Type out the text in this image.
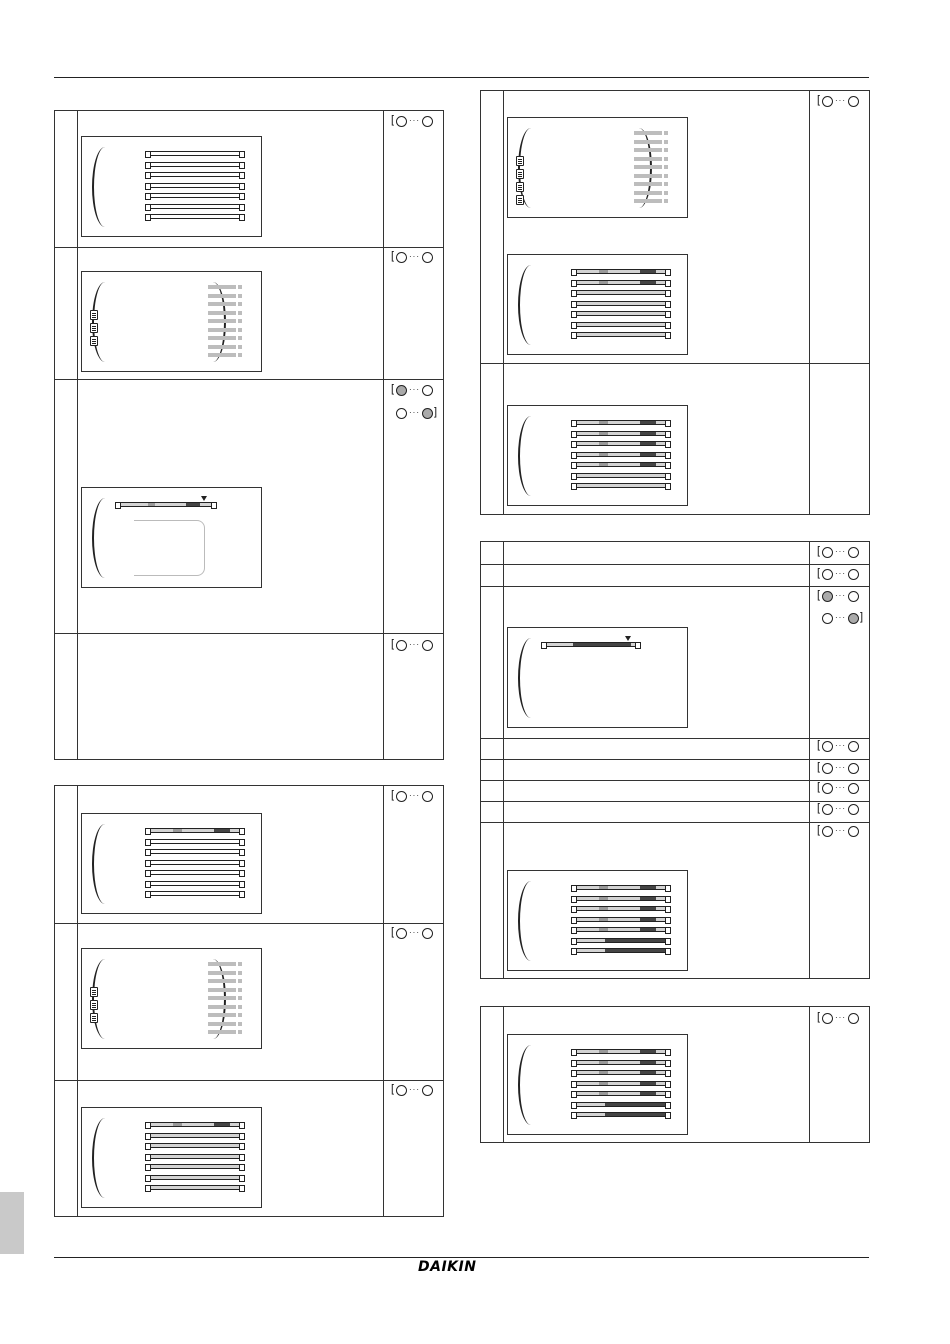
DAIKIN
[ ···
[ ···
[ ···
··· ]
[ ···
[ ···
[ ···
[ ···
[ ···
[ ···
[ ···
[ ···
··· ]
[ ···
[ ···
[ ···
[ ···
[ ···
[ ···
